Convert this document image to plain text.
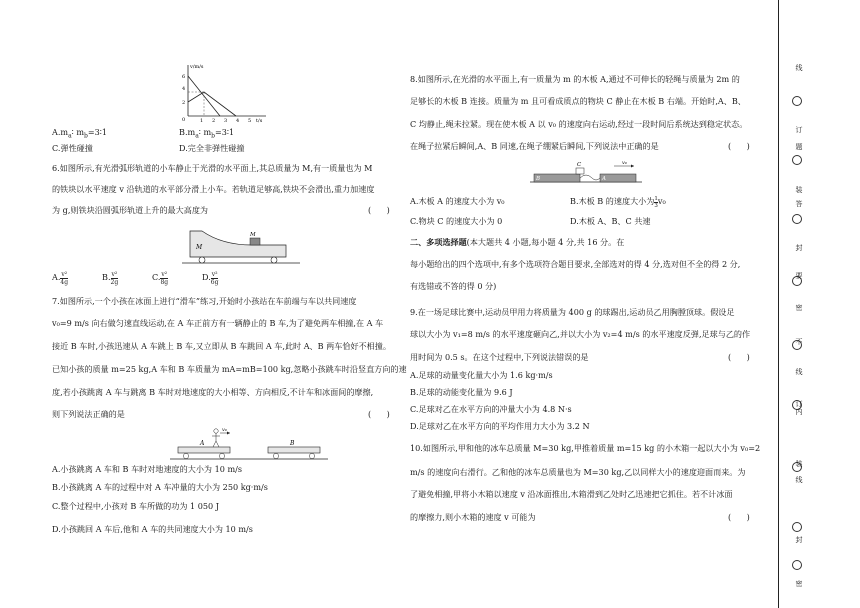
v/m/s
t/s
6
4
2
0	1 2 3 4 5
$A.m_a∶$ $m_b=3∶1$	$B.m_a∶$ $m_b=3∶1$
C.弹性碰撞	D.完全非弹性碰撞
6.如图所示,有光滑弧形轨道的小车静止于光滑的水平面上,其总质量为 M,有一质量也为 M
的铁块以水平速度 v 沿轨道的水平部分滑上小车。若轨道足够高,铁块不会滑出,重力加速度
为 g,则铁块沿圆弧形轨道上升的最大高度为	(      )
M
M
A. $\frac{\text{v²}}{4g}$	B. $\frac{\text{v²}}{2g}$	C. $\frac{\text{v²}}{8g}$	D. $\frac{\text{v²}}{6g}$
7.如图所示,一个小孩在冰面上进行“滑车”练习,开始时小孩站在车前端与车以共同速度
v₀=9 m/s 向右做匀速直线运动,在 A 车正前方有一辆静止的 B 车,为了避免两车相撞,在 A 车
接近 B 车时,小孩迅速从 A 车跳上 B 车,又立即从 B 车跳回 A 车,此时 A、B 两车恰好不相撞。
已知小孩的质量 m=25 kg,A 车和 B 车质量为 mA=mB=100 kg,忽略小孩跳车时沿竖直方向的速
度,若小孩跳离 A 车与跳离 B 车时对地速度的大小相等、方向相反,不计车和冰面间的摩擦,
则下列说法正确的是	(      )
A	B
v₀
A.小孩跳离 A 车和 B 车时对地速度的大小为 10 m/s
B.小孩跳离 A 车的过程中对 A 车冲量的大小为 250 kg·m/s
C.整个过程中,小孩对 B 车所做的功为 1 050 J
D.小孩跳回 A 车后,他和 A 车的共同速度大小为 10 m/s
8.如图所示,在光滑的水平面上,有一质量为 m 的木板 A,通过不可伸长的轻绳与质量为 2m 的
足够长的木板 B 连接。质量为 m 且可看成质点的物块 C 静止在木板 B 右端。开始时,A、B、
C 均静止,绳未拉紧。现在使木板 A 以 v₀ 的速度向右运动,经过一段时间后系统达到稳定状态。
在绳子拉紧后瞬间,A、B 同速,在绳子绷紧后瞬间,下列说法中正确的是	(      )
B
C
A
v₀
A.木板 A 的速度大小为 v₀	B.木板 B 的速度大小为 $\frac{1}{3} v_0$
C.物块 C 的速度大小为 0	D.木板 A、B、C 共速
二、多项选择题(本大题共 4 小题,每小题 4 分,共 16 分。在
每小题给出的四个选项中,有多个选项符合题目要求,全部选对的得 4 分,选对但不全的得 2 分,
有选错或不答的得 0 分)
9.在一场足球比赛中,运动员甲用力将质量为 400 g 的球踢出,运动员乙用胸膛顶球。假设足
球以大小为 v₁=8 m/s 的水平速度砸向乙,并以大小为 v₂=4 m/s 的水平速度反弹,足球与乙的作
用时间为 0.5 s。在这个过程中,下列说法错误的是	(      )
A.足球的动量变化量大小为 1.6 kg·m/s
B.足球的动能变化量为 9.6 J
C.足球对乙在水平方向的冲量大小为 4.8 N·s
D.足球对乙在水平方向的平均作用力大小为 3.2 N
10.如图所示,甲和他的冰车总质量 M=30 kg,甲推着质量 m=15 kg 的小木箱一起以大小为 v₀=2
m/s 的速度向右滑行。乙和他的冰车总质量也为 M=30 kg,乙以同样大小的速度迎面而来。为
了避免相撞,甲将小木箱以速度 v 沿冰面推出,木箱滑到乙处时乙迅速把它抓住。若不计冰面
的摩擦力,则小木箱的速度 v 可能为	(      )
线
订
题
装
答
封
要
密
不
线
订
内
装
线
封
密
